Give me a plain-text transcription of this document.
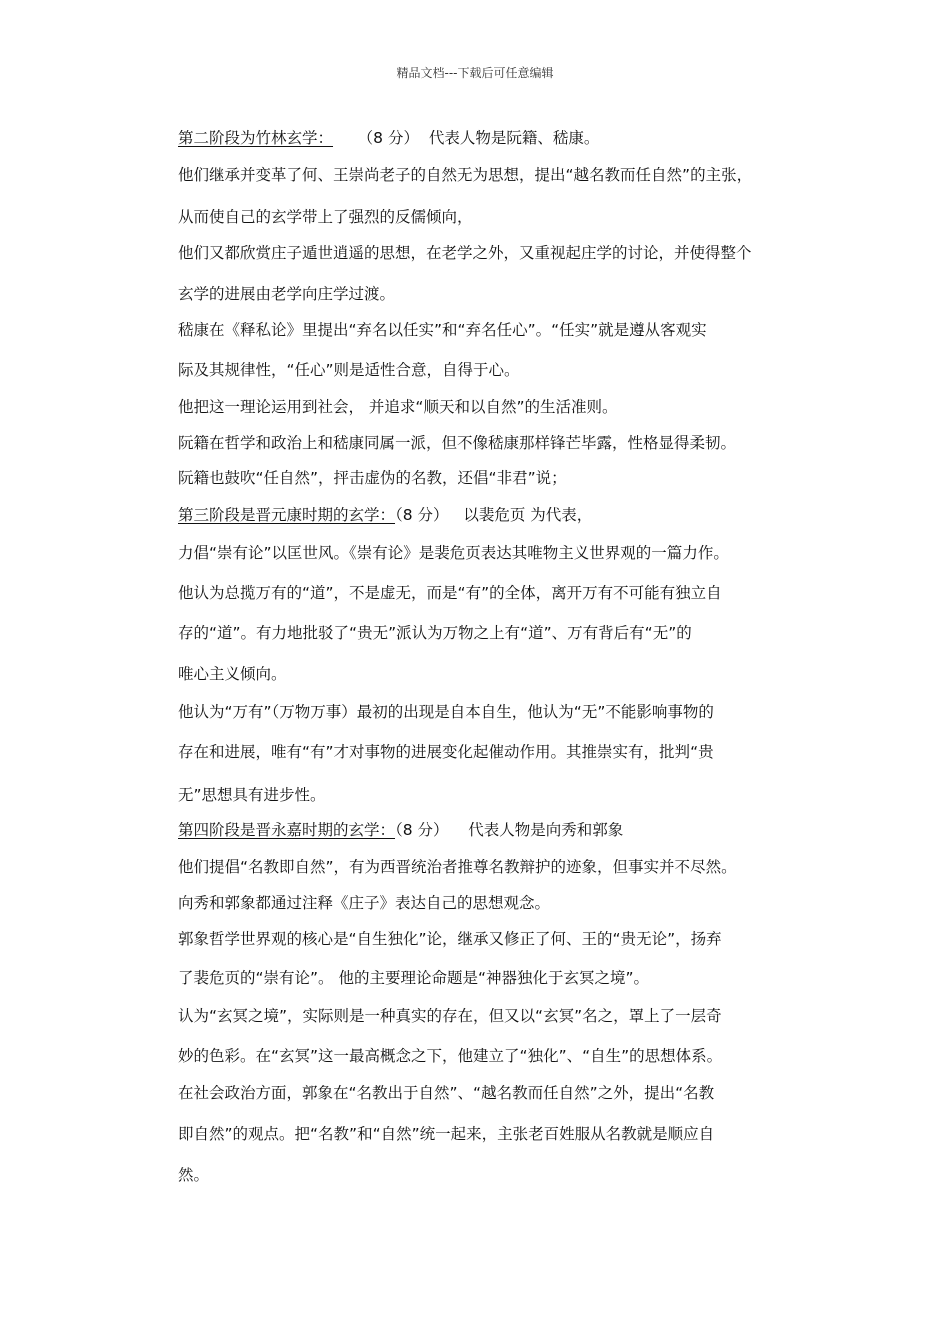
精品文档---下载后可任意编辑
第二阶段为竹林玄学： （8 分） 代表人物是阮籍、嵇康。
他们继承并变革了何、王崇尚老子的自然无为思想，提出“越名教而任自然”的主张，
从而使自己的玄学带上了强烈的反儒倾向，
他们又都欣赏庄子遁世逍遥的思想，在老学之外，又重视起庄学的讨论，并使得整个
玄学的进展由老学向庄学过渡。
嵇康在《释私论》里提出“弃名以任实”和“弃名任心”。“任实”就是遵从客观实
际及其规律性，“任心”则是适性合意，自得于心。
他把这一理论运用到社会， 并追求“顺天和以自然”的生活准则。
阮籍在哲学和政治上和嵇康同属一派，但不像嵇康那样锋芒毕露，性格显得柔韧。
阮籍也鼓吹“任自然”，抨击虚伪的名教，还倡“非君”说；
第三阶段是晋元康时期的玄学：（8 分） 以裴危页 为代表，
力倡“崇有论”以匡世风。《崇有论》是裴危页表达其唯物主义世界观的一篇力作。
他认为总揽万有的“道”，不是虚无，而是“有”的全体，离开万有不可能有独立自
存的“道”。有力地批驳了“贵无”派认为万物之上有“道”、万有背后有“无”的
唯心主义倾向。
他认为“万有”（万物万事）最初的出现是自本自生，他认为“无”不能影响事物的
存在和进展，唯有“有”才对事物的进展变化起催动作用。其推崇实有，批判“贵
无”思想具有进步性。
第四阶段是晋永嘉时期的玄学：（8 分） 代表人物是向秀和郭象
他们提倡“名教即自然”，有为西晋统治者推尊名教辩护的迹象，但事实并不尽然。
向秀和郭象都通过注释《庄子》表达自己的思想观念。
郭象哲学世界观的核心是“自生独化”论，继承又修正了何、王的“贵无论”，扬弃
了裴危页的“崇有论”。 他的主要理论命题是“神器独化于玄冥之境”。
认为“玄冥之境”，实际则是一种真实的存在，但又以“玄冥”名之，罩上了一层奇
妙的色彩。在“玄冥”这一最高概念之下，他建立了“独化”、“自生”的思想体系。
在社会政治方面，郭象在“名教出于自然”、“越名教而任自然”之外，提出“名教
即自然”的观点。把“名教”和“自然”统一起来，主张老百姓服从名教就是顺应自
然。
